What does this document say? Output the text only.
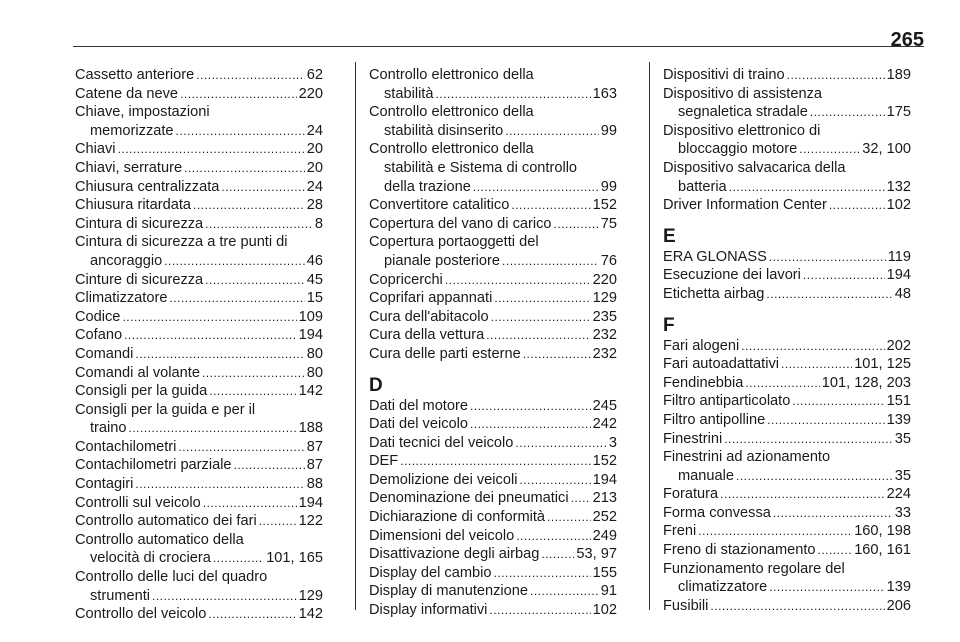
265
Cassetto anteriore .....	62
Catene da neve .....	220
Chiave, impostazioni
memorizzate .....	24
Chiavi .....	20
Chiavi, serrature .....	20
Chiusura centralizzata .....	24
Chiusura ritardata .....	28
Cintura di sicurezza .....	8
Cintura di sicurezza a tre punti di
ancoraggio .....	46
Cinture di sicurezza .....	45
Climatizzatore .....	15
Codice .....	109
Cofano .....	194
Comandi .....	80
Comandi al volante .....	80
Consigli per la guida .....	142
Consigli per la guida e per il
traino .....	188
Contachilometri .....	87
Contachilometri parziale .....	87
Contagiri .....	88
Controlli sul veicolo .....	194
Controllo automatico dei fari .....	122
Controllo automatico della
velocità di crociera .....	101, 165
Controllo delle luci del quadro
strumenti .....	129
Controllo del veicolo .....	142
Controllo elettronico della
stabilità .....	163
Controllo elettronico della
stabilità disinserito .....	99
Controllo elettronico della
stabilità e Sistema di controllo
della trazione .....	99
Convertitore catalitico .....	152
Copertura del vano di carico .....	75
Copertura portaoggetti del
pianale posteriore .....	76
Copricerchi .....	220
Coprifari appannati .....	129
Cura dell'abitacolo .....	235
Cura della vettura .....	232
Cura delle parti esterne .....	232
D
Dati del motore .....	245
Dati del veicolo .....	242
Dati tecnici del veicolo .....	3
DEF .....	152
Demolizione dei veicoli .....	194
Denominazione dei pneumatici ..... 213
Dichiarazione di conformità .....	252
Dimensioni del veicolo .....	249
Disattivazione degli airbag .....	53, 97
Display del cambio .....	155
Display di manutenzione .....	91
Display informativi .....	102
Dispositivi di traino .....	189
Dispositivo di assistenza
segnaletica stradale .....	175
Dispositivo elettronico di
bloccaggio motore .....	32, 100
Dispositivo salvacarica della
batteria .....	132
Driver Information Center .....	102
E
ERA GLONASS .....	119
Esecuzione dei lavori .....	194
Etichetta airbag .....	48
F
Fari alogeni .....	202
Fari autoadattativi .....	101, 125
Fendinebbia .....	101, 128, 203
Filtro antiparticolato .....	151
Filtro antipolline .....	139
Finestrini .....	35
Finestrini ad azionamento
manuale .....	35
Foratura .....	224
Forma convessa .....	33
Freni .....	160, 198
Freno di stazionamento .....	160, 161
Funzionamento regolare del
climatizzatore .....	139
Fusibili .....	206
